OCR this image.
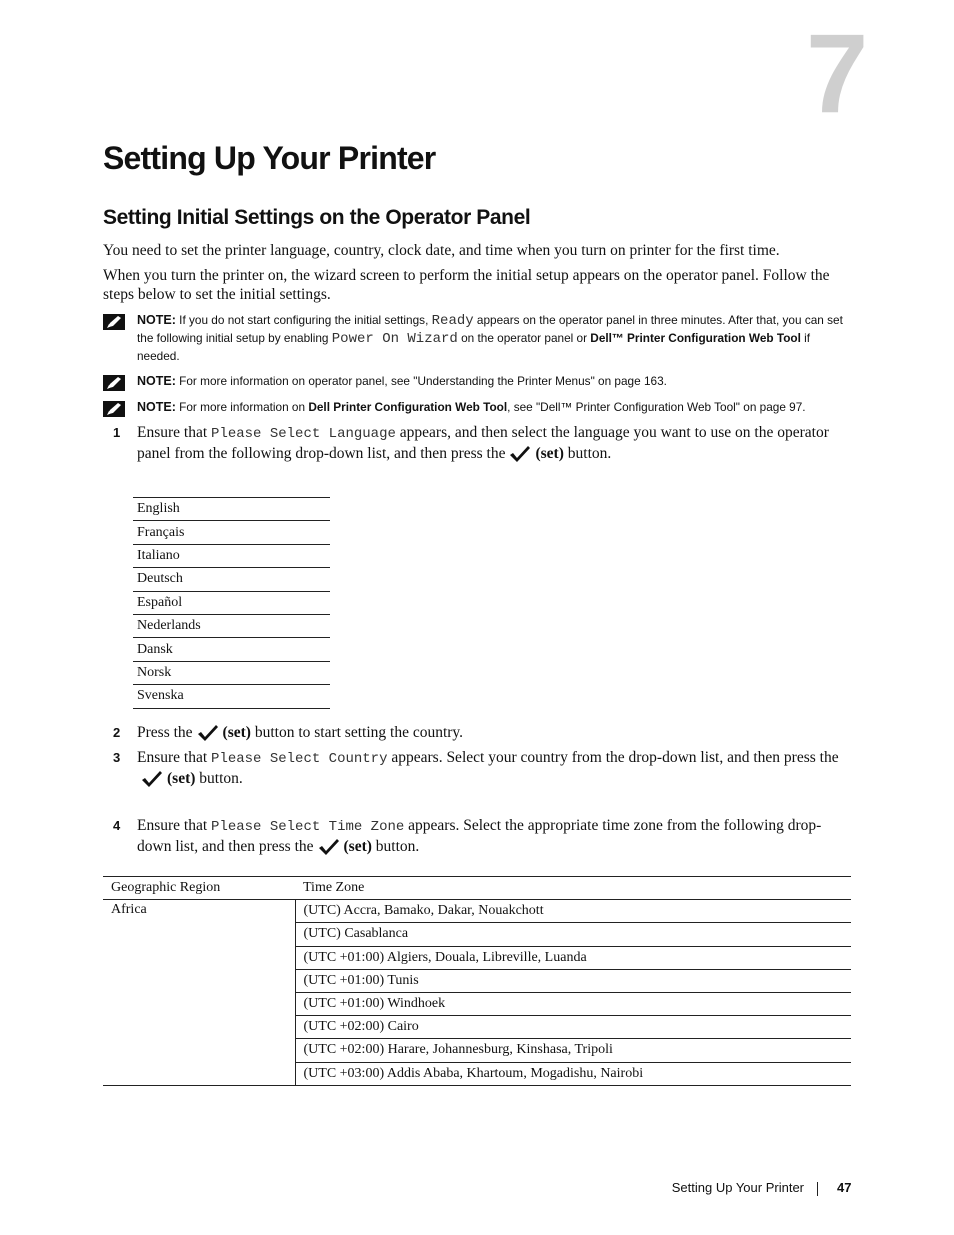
7
Setting Up Your Printer
Setting Initial Settings on the Operator Panel

You need to set the printer language, country, clock date, and time when you turn on printer for the first time.

When you turn the printer on, the wizard screen to perform the initial setup appears on the operator panel. Follow the steps below to set the initial settings.

NOTE: If you do not start configuring the initial settings, Ready appears on the operator panel in three minutes. After that, you can set the following initial setup by enabling Power On Wizard on the operator panel or Dell™ Printer Configuration Web Tool if needed.
NOTE: For more information on operator panel, see "Understanding the Printer Menus" on page 163.
NOTE: For more information on Dell Printer Configuration Web Tool, see "Dell™ Printer Configuration Web Tool" on page 97.
1 Ensure that Please Select Language appears, and then select the language you want to use on the operator panel from the following drop-down list, and then press the (set) button.
English
Français
Italiano
Deutsch
Español
Nederlands
Dansk
Norsk
Svenska
2 Press the (set) button to start setting the country.
3 Ensure that Please Select Country appears. Select your country from the drop-down list, and then press the(set) button.
4 Ensure that Please Select Time Zone appears. Select the appropriate time zone from the following drop-down list, and then press the (set) button.
Geographic Region	Time Zone
Africa	(UTC) Accra, Bamako, Dakar, Nouakchott
	(UTC) Casablanca
	(UTC +01:00) Algiers, Douala, Libreville, Luanda
	(UTC +01:00) Tunis
	(UTC +01:00) Windhoek
	(UTC +02:00) Cairo
	(UTC +02:00) Harare, Johannesburg, Kinshasa, Tripoli
	(UTC +03:00) Addis Ababa, Khartoum, Mogadishu, Nairobi
Setting Up Your Printer	47
